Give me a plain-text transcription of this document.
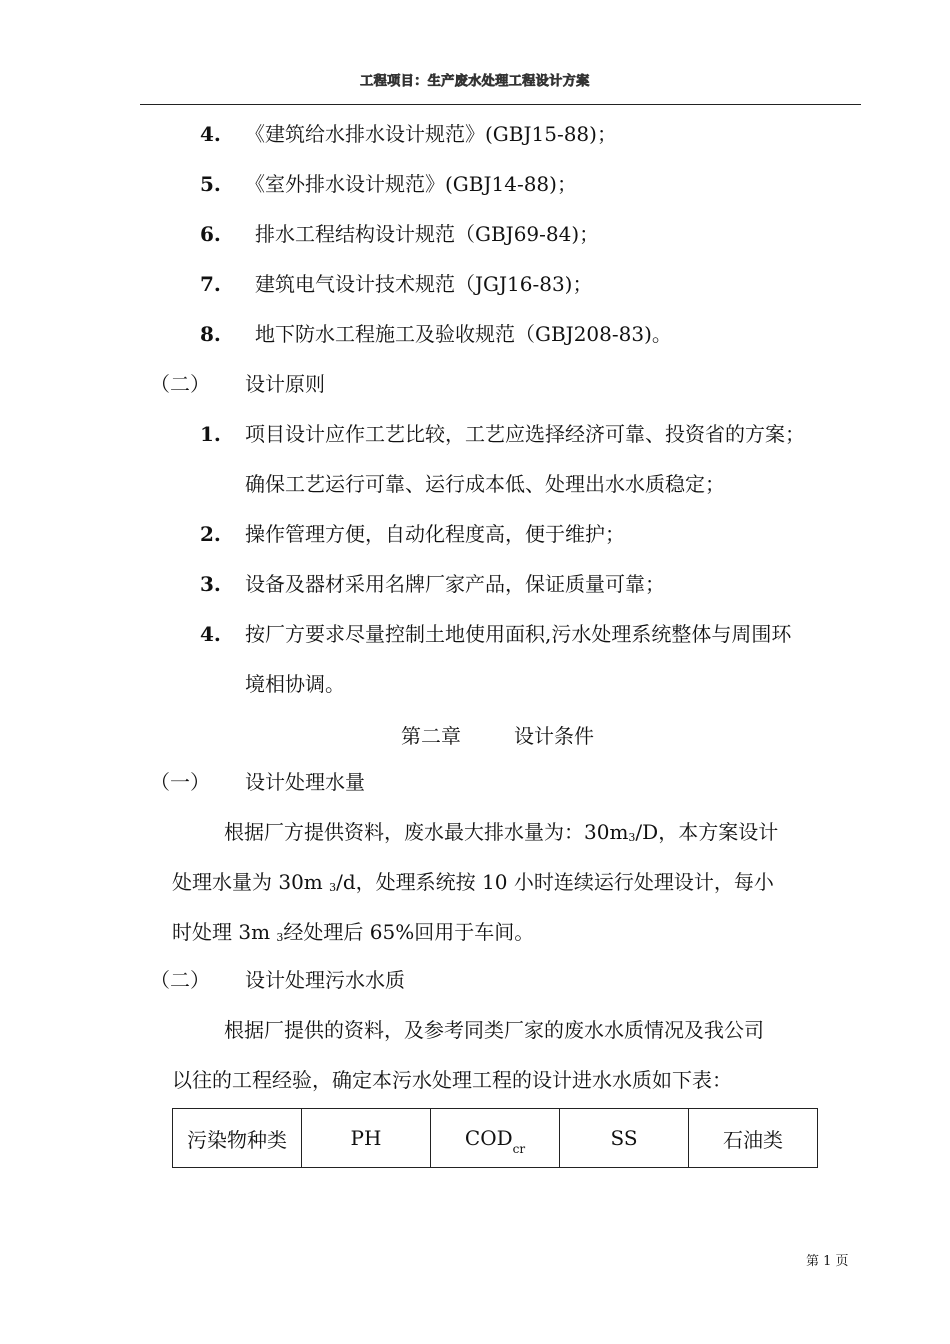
工程项目：生产废水处理工程设计方案
4. 《建筑给水排水设计规范》(GBJ15-88)；
5. 《室外排水设计规范》(GBJ14-88)；
6. 排水工程结构设计规范（GBJ69-84)；
7. 建筑电气设计技术规范（JGJ16-83)；
8. 地下防水工程施工及验收规范（GBJ208-83)。
（二） 设计原则
1. 项目设计应作工艺比较，工艺应选择经济可靠、投资省的方案；
确保工艺运行可靠、运行成本低、处理出水水质稳定；
2. 操作管理方便，自动化程度高，便于维护；
3. 设备及器材采用名牌厂家产品，保证质量可靠；
4. 按厂方要求尽量控制土地使用面积,污水处理系统整体与周围环
境相协调。
第二章	设计条件
（一） 设计处理水量
根据厂方提供资料，废水最大排水量为：30m3/D，本方案设计
处理水量为 30m 3/d，处理系统按 10 小时连续运行处理设计，每小
时处理 3m 3经处理后 65%回用于车间。
（二） 设计处理污水水质
根据厂提供的资料，及参考同类厂家的废水水质情况及我公司
以往的工程经验，确定本污水处理工程的设计进水水质如下表：
污染物种类	PH	$COD_{cr}$	SS	石油类
第 1 页
